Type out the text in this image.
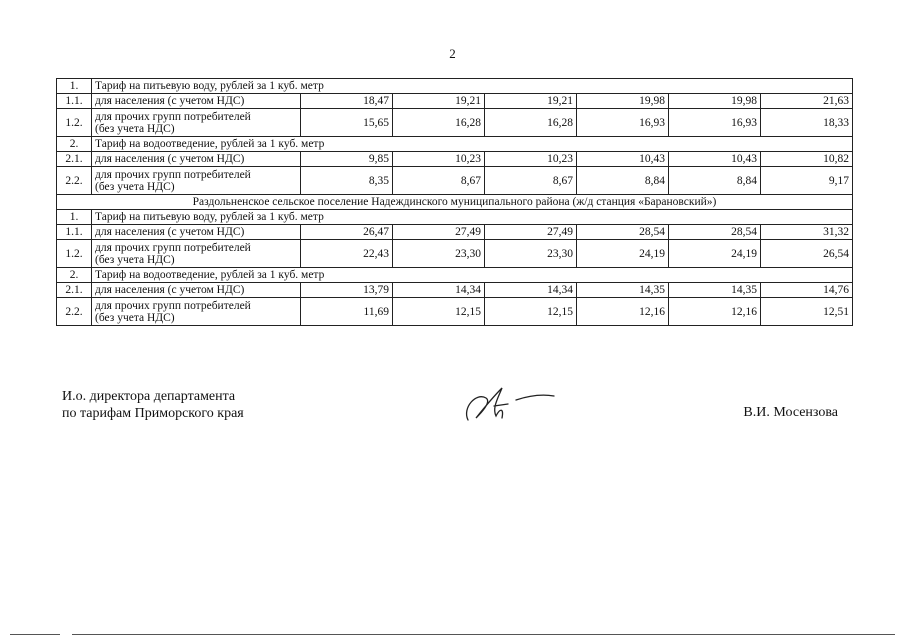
2
1.	Тариф на питьевую воду, рублей за 1 куб. метр						
1.1.	для населения (с учетом НДС)	18,47	19,21	19,21	19,98	19,98	21,63
1.2.	для прочих групп потребителей
(без учета НДС)	15,65	16,28	16,28	16,93	16,93	18,33
2.	Тариф на водоотведение, рублей за 1 куб. метр						
2.1.	для населения (с учетом НДС)	9,85	10,23	10,23	10,43	10,43	10,82
2.2.	для прочих групп потребителей
(без учета НДС)	8,35	8,67	8,67	8,84	8,84	9,17
Раздольненское сельское поселение Надеждинского муниципального района (ж/д станция «Барановский»)							
1.	Тариф на питьевую воду, рублей за 1 куб. метр						
1.1.	для населения (с учетом НДС)	26,47	27,49	27,49	28,54	28,54	31,32
1.2.	для прочих групп потребителей
(без учета НДС)	22,43	23,30	23,30	24,19	24,19	26,54
2.	Тариф на водоотведение, рублей за 1 куб. метр						
2.1.	для населения (с учетом НДС)	13,79	14,34	14,34	14,35	14,35	14,76
2.2.	для прочих групп потребителей
(без учета НДС)	11,69	12,15	12,15	12,16	12,16	12,51
И.о. директора департамента
по тарифам Приморского края	В.И. Мосензова
